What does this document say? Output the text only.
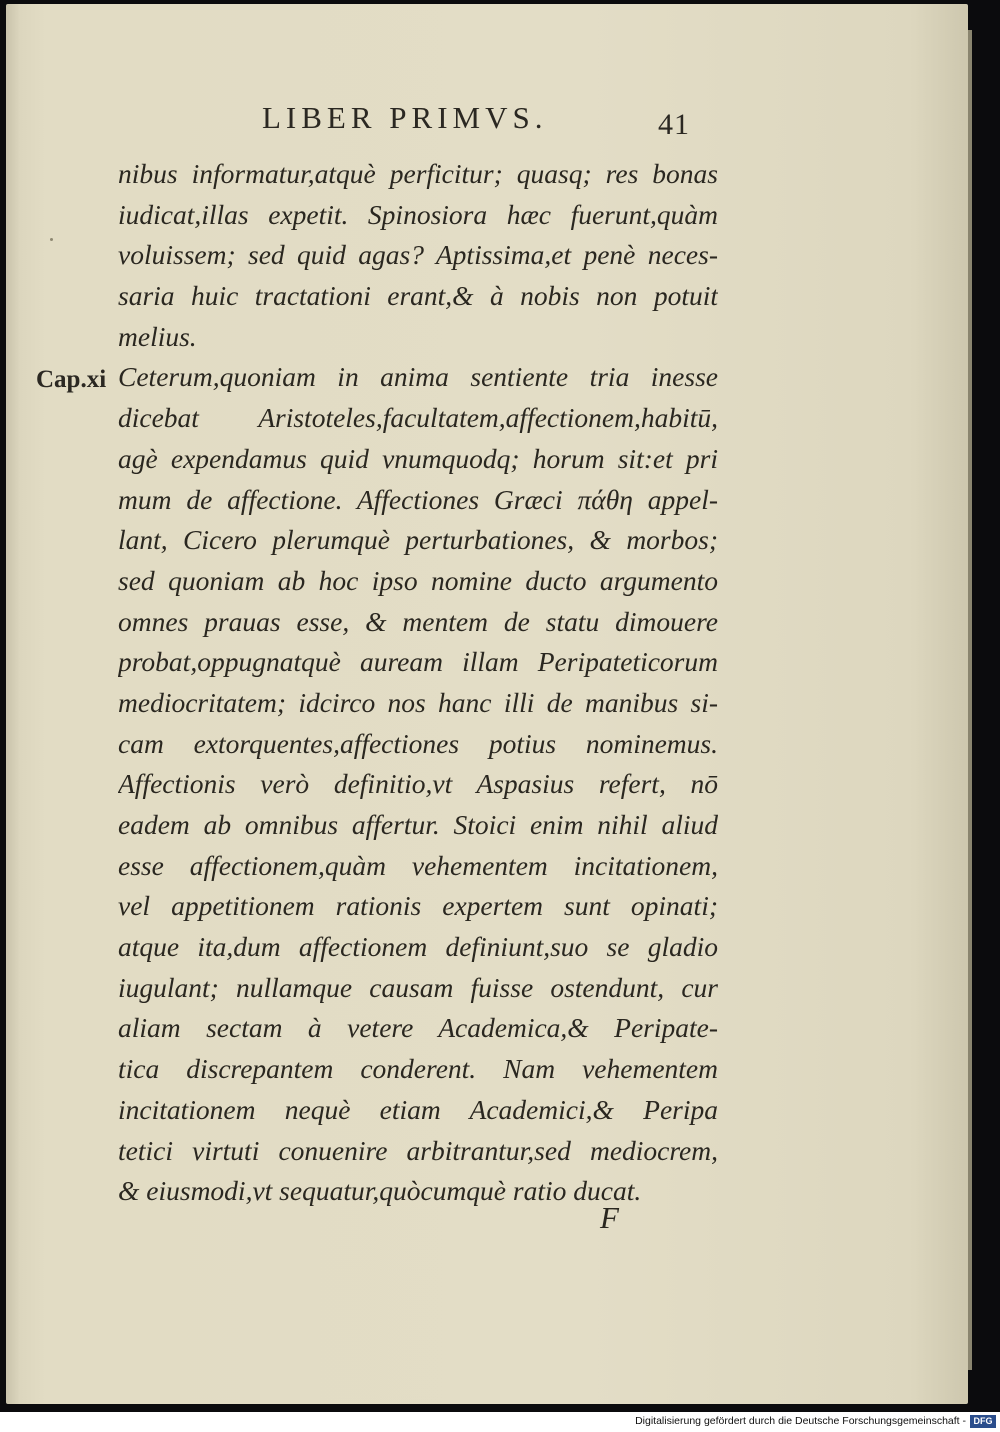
LIBER PRIMVS.	41
Cap.xi
nibus informatur,atquè perficitur; quasq; res bonas
iudicat,illas expetit. Spinosiora hæc fuerunt,quàm
voluissem; sed quid agas? Aptissima,et penè neces-
saria huic tractationi erant,& à nobis non potuit
melius.
Ceterum,quoniam in anima sentiente tria inesse
dicebat Aristoteles,facultatem,affectionem,habitū,
agè expendamus quid vnumquodq; horum sit:et pri
mum de affectione. Affectiones Græci πάθη appel-
lant, Cicero plerumquè perturbationes, & morbos;
sed quoniam ab hoc ipso nomine ducto argumento
omnes prauas esse, & mentem de statu dimouere
probat,oppugnatquè auream illam Peripateticorum
mediocritatem; idcirco nos hanc illi de manibus si-
cam extorquentes,affectiones potius nominemus.
Affectionis verò definitio,vt Aspasius refert, nō
eadem ab omnibus affertur. Stoici enim nihil aliud
esse affectionem,quàm vehementem incitationem,
vel appetitionem rationis expertem sunt opinati;
atque ita,dum affectionem definiunt,suo se gladio
iugulant; nullamque causam fuisse ostendunt, cur
aliam sectam à vetere Academica,& Peripate-
tica discrepantem conderent. Nam vehementem
incitationem nequè etiam Academici,& Peripa
tetici virtuti conuenire arbitrantur,sed mediocrem,
& eiusmodi,vt sequatur,quòcumquè ratio ducat.
F
Digitalisierung gefördert durch die Deutsche Forschungsgemeinschaft - DFG
